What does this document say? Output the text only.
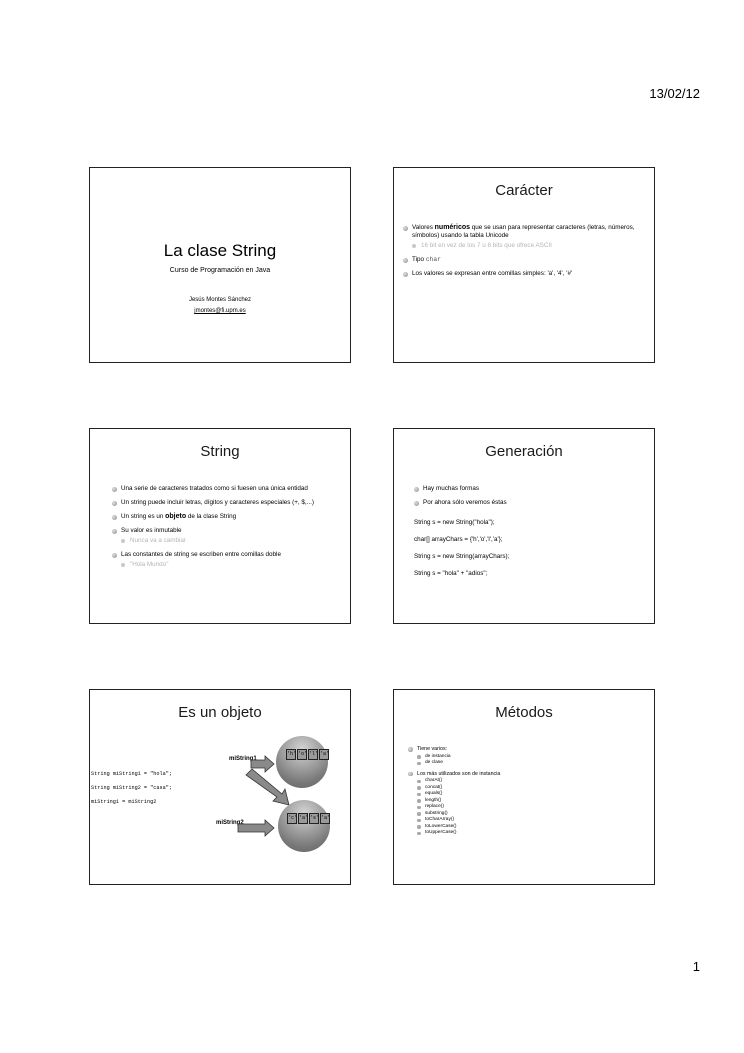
13/02/12
La clase String
Curso de Programación en Java
Jesús Montes Sánchez
jmontes@fi.upm.es
Carácter
Valores numéricos que se usan para representar caracteres (letras, números, símbolos) usando la tabla Unicode
16 bit en vez de los 7 u 8 bits que ofrece ASCII
Tipo char
Los valores se expresan entre comillas simples: 'a', '4', '#'
String
Una serie de caracteres tratados como si fuesen una única entidad
Un string puede incluir letras, dígitos y caracteres especiales (+, $,...)
Un string es un objeto de la clase String
Su valor es inmutable
Nunca va a cambiar
Las constantes de string se escriben entre comillas doble
"Hola Mundo"
Generación
Hay muchas formas
Por ahora sólo veremos éstas
String s = new String("hola");
char[] arrayChars = {'h','o','l','a'};
String s = new String(arrayChars);
String s = "hola" + "adios";
Es un objeto
String miString1 = "hola";
String miString2 = "casa";
miString1 = miString2
miString1
miString2
'h' 'o' 'l' 'a'
'c' 'a' 's' 'a'
Métodos
Tiene varios:
de instancia
de clase
Los más utilizados son de instancia
charAt()
concat()
equals()
length()
replace()
substring()
toCharArray()
toLowerCase()
toUpperCase()
1
